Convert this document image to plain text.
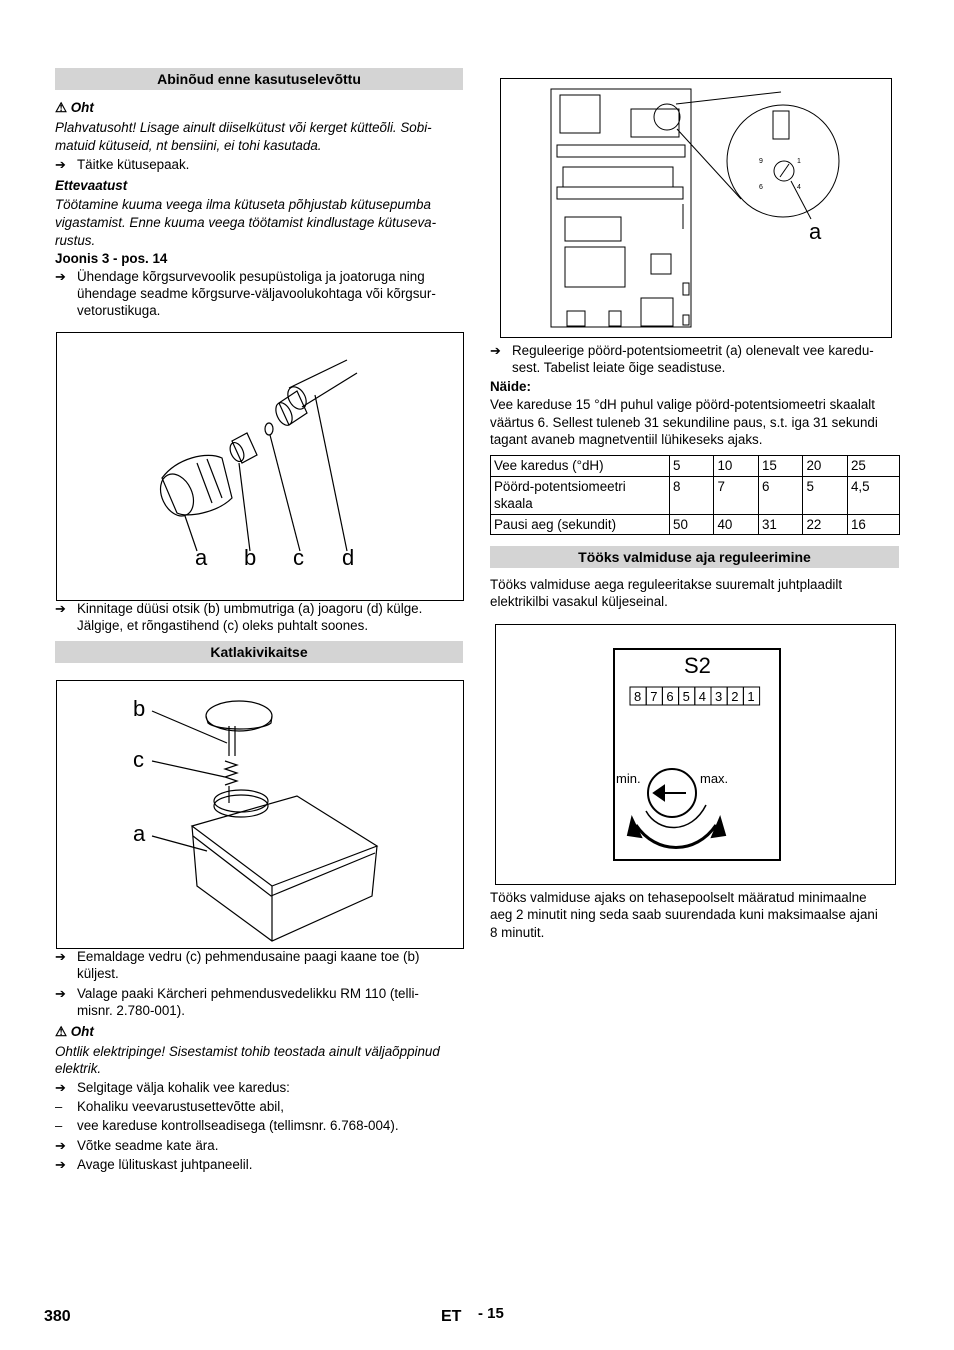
Abinõud enne kasutuselevõttu
⚠ Oht
Plahvatusoht! Lisage ainult diiselkütust või kerget kütteõli. Sobi-
matuid kütuseid, nt bensiini, ei tohi kasutada.
➔ Täitke kütusepaak.
Ettevaatust
Töötamine kuuma veega ilma kütuseta põhjustab kütusepumba
vigastamist. Enne kuuma veega töötamist kindlustage kütuseva-
rustus.
Joonis 3 - pos. 14
➔ Ühendage kõrgsurvevoolik pesupüstoliga ja joatoruga ning
ühendage seadme kõrgsurve-väljavoolukohtaga või kõrgsur-
vetorustikuga.
a b c d
➔ Kinnitage düüsi otsik (b) umbmutriga (a) joagoru (d) külge.
Jälgige, et rõngastihend (c) oleks puhtalt soones.
Katlakivikaitse
b
c
a
➔ Eemaldage vedru (c) pehmendusaine paagi kaane toe (b)
küljest.
➔ Valage paaki Kärcheri pehmendusvedelikku RM 110 (telli-
misnr. 2.780-001).
⚠ Oht
Ohtlik elektripinge! Sisestamist tohib teostada ainult väljaõppinud
elektrik.
➔ Selgitage välja kohalik vee karedus:
–	Kohaliku veevarustusettevõtte abil,
–	vee kareduse kontrollseadisega (tellimsnr. 6.768-004).
➔ Võtke seadme kate ära.
➔ Avage lülituskast juhtpaneelil.
9	1
6	4
a
➔ Reguleerige pöörd-potentsiomeetrit (a) olenevalt vee karedu-
sest. Tabelist leiate õige seadistuse.
Näide:
Vee kareduse 15 °dH puhul valige pöörd-potentsiomeetri skaalalt
väärtus 6. Sellest tuleneb 31 sekundiline paus, s.t. iga 31 sekundi
tagant avaneb magnetventiil lühikeseks ajaks.
Vee karedus (°dH)	5	10	15	20	25
Pöörd-potentsiomeetri
skaala	8	7	6	5	4,5
Pausi aeg (sekundit)	50	40	31	22	16
Tööks valmiduse aja reguleerimine
Tööks valmiduse aega reguleeritakse suuremalt juhtplaadilt
elektrikilbi vasakul küljeseinal.
S2
8 7 6 5 4 3 2 1
min.	max.
Tööks valmiduse ajaks on tehasepoolselt määratud minimaalne
aeg 2 minutit ning seda saab suurendada kuni maksimaalse ajani
8 minutit.
380	ET - 15
